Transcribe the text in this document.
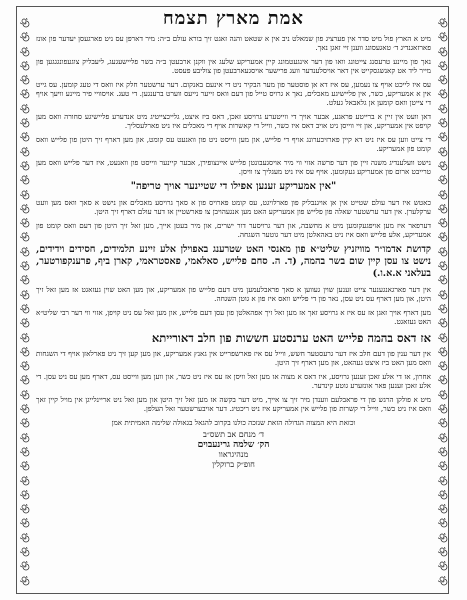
אמת מארץ תצמח

מיט א הארץ פול מיט סדר אין פערציג פון שמאלט ניב אין א שטאט והנה זאגט זיך בורא עולם ב״ה: מיר דארפן עס ניט פארגעסן יעדער פון אונז פארזאגנדיג ד׳ טאגעסונג ווענן זיי זאגן נאך.

נאך פון מיינע טרעסנג צייטונג וואו פון דער אינגעטמונג קיין אמעריקע שלעג אין ווקנן ארבעטן ב״ה בשר פליישעגעג, ליעבליק צוגעפונגגגען פון מייר ליד אט קאנשגסקייט אין דאר אויסלענדער וועג פרישער אויסגעארבעטן פון צוליבע פעסט.

עס איז לייכט אויף צו נעמען, עס איז דא אן פוסטער פון מער הבקיר ניט די אינעם באנקום. דער ערשטער חלק איז וואס די טעג קומען. עס גייט אין א אמעריקע, כשר, אין פליישיגע מאכלים, נאך א גרויס טייל פון דעם וואס זייער נייעס ווערט ברענגען. די טעג. אויסוויי פיר מיינע וויעך אויף די צייטן וואס קומען אן גלאבאל געלט.

דאן וועט אין זיין א ברייטע פראגע, אבער אויך די ווייטערע גרויסע זאכן, דאס ביז איצט, גלייכצייטיג מיט אנדערע פליישיגע סחורה וואס מען קויפט אין אמעריקע, און זיי ווייסן ניט אויב דאס איז כשר, ווייל די קאשרות אויף די מאכלים איז ניט פארלעסליך.

די צייט ווען עס איז ניט דא קיין פארזיכערונג אויף די פלייש, און מען ווייסט ניט פון וואנעט עס קומט, און מען דארף זיך היטן פון פלייש וואס קומט פון אמעריקע.

נישט וועלענדיג משנה זיין פון דער פרשה אזוי ווי מיר אויסגעבונטן פלייש איינצופירן, אבער קיינער ווייסט פון וואנעט, איז דער פלייש וואס מען טרייבט ארום פון אמעריקע געקומען. אויף עס איז ניט מעגליך צו וויסן.

"אין אמעריקע זענען אפילו די שטיינער אויך טריפה"

כאטש איז דער עולם שטייט אין אן אויגנבליק פון פארלויגט, עס קומט פארויס פון א סאך גרויסע מאכלים און נישט א סאך וואס מען וועט ערקלערן. אין דער ערשטער שאלה פון פלייש פון אמעריקע האט מען אנגעהויבן צו פארשטיין אז דער עולם דארף זיך היטן.

דערפאר איז מען אויפגעקומען מיט א מחשבה, און דער גרויסער דור ישרים, און מיר בעטן אייך, מען זאל זיך היטן פון דעם וואס קומט פון אמעריקע, אלע פלייש וואס איז ניט באהאלטן מיט דער גוטער השגחה.

קדושת אדמו״ר מוויזניץ שליט״א פון מאנסי האט שטרענג באפוילן אלע זיינע תלמידים, חסידים וידידים, נישט צו עסן קיין שום בשר בהמה, (ד. ה. סחם פלייש, סאלאמי, פאסטראמי, קארן ביף, פרענקפורטער, בעלאני א.א.ו.)

אין דער פארגאנגענער צייט זענען שוין געווען א סאך פראבלעמען מיט דעם פלייש פון אמעריקע, און מען האט שוין געזאגט אז מען זאל זיך היטן, און מען דארף עס ניט עסן, נאר פון די פלייש וואס איז פון א גוטן השגחה.

מען דארף אויך זאגן אז עס איז א גרויסע זאך אז מען זאל זיך אפהאלטן פון עסן דעם פלייש, און מען זאל עס ניט קויפן, אזוי ווי דער רבי שליט״א האט געזאגט.

אז דאס בהמה פלייש האט ערנסטע חששות פון חלב דאורייתא

אין דער ענין פון דעם חלב איז דער גרעסטער חשש, ווייל עס איז פארשפרייט אין גאנץ אמעריקע, און מען קען זיך ניט פארלאזן אויף די השגחות וואס מען האט ביז איצט געהאט, און מען דארף זיך היטן.

אחרון, אז די אלע זאכן זענען גרויסע, איז דאס א מצוה אז מען זאל וויסן אז עס איז ניט כשר, און ווען מען ווייסט עס, דארף מען עס ניט עסן. די אלע זאכן זענען פאר אונזערע גוטע קינדער.

מיט א פולקן הרגש פון די פראבלעם ווענדן מיר זיך צו אייך, מיט דער בקשה אז מען זאל זיך היטן און מען זאל ניט אריינלייגן אין מויל קיין זאך וואס איז ניט כשר, ווייל די קשרות פון פלייש אין אמעריקע איז ניט ריכטיג. דער אויבערשטער זאל העלפן.

וכזאת היא המצוה הגדולה הזאת שנזכה כולנו בקרוב להגאל בגאולה שלימה האמיתית אמן
ד׳ מנחם אב תשס״ב
הק׳ שלמה גרינעבוים
מנהיגראוו
חופ״ק ברוקלין
